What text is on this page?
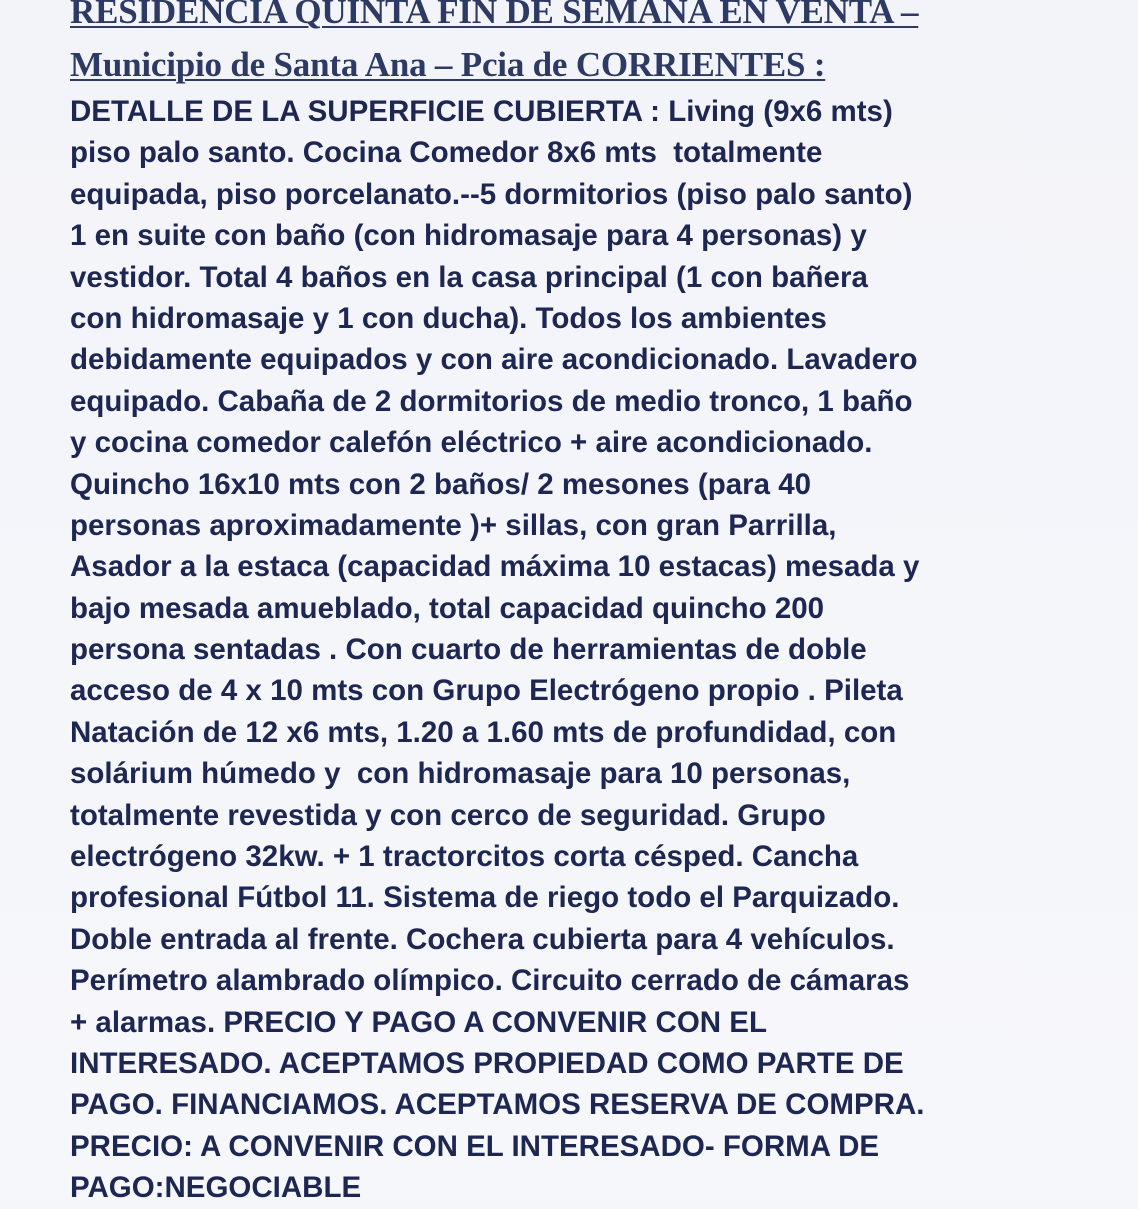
RESIDENCIA QUINTA FIN DE SEMANA EN VENTA –
Municipio de Santa Ana – Pcia de CORRIENTES :
DETALLE DE LA SUPERFICIE CUBIERTA : Living (9x6 mts)
piso palo santo. Cocina Comedor 8x6 mts  totalmente
equipada, piso porcelanato.--5 dormitorios (piso palo santo)
1 en suite con baño (con hidromasaje para 4 personas) y
vestidor. Total 4 baños en la casa principal (1 con bañera
con hidromasaje y 1 con ducha). Todos los ambientes
debidamente equipados y con aire acondicionado. Lavadero
equipado. Cabaña de 2 dormitorios de medio tronco, 1 baño
y cocina comedor calefón eléctrico + aire acondicionado.
Quincho 16x10 mts con 2 baños/ 2 mesones (para 40
personas aproximadamente )+ sillas, con gran Parrilla,
Asador a la estaca (capacidad máxima 10 estacas) mesada y
bajo mesada amueblado, total capacidad quincho 200
persona sentadas . Con cuarto de herramientas de doble
acceso de 4 x 10 mts con Grupo Electrógeno propio . Pileta
Natación de 12 x6 mts, 1.20 a 1.60 mts de profundidad, con
solárium húmedo y  con hidromasaje para 10 personas,
totalmente revestida y con cerco de seguridad. Grupo
electrógeno 32kw. + 1 tractorcitos corta césped. Cancha
profesional Fútbol 11. Sistema de riego todo el Parquizado.
Doble entrada al frente. Cochera cubierta para 4 vehículos.
Perímetro alambrado olímpico. Circuito cerrado de cámaras
+ alarmas. PRECIO Y PAGO A CONVENIR CON EL
INTERESADO. ACEPTAMOS PROPIEDAD COMO PARTE DE
PAGO. FINANCIAMOS. ACEPTAMOS RESERVA DE COMPRA.
PRECIO: A CONVENIR CON EL INTERESADO- FORMA DE
PAGO:NEGOCIABLE
